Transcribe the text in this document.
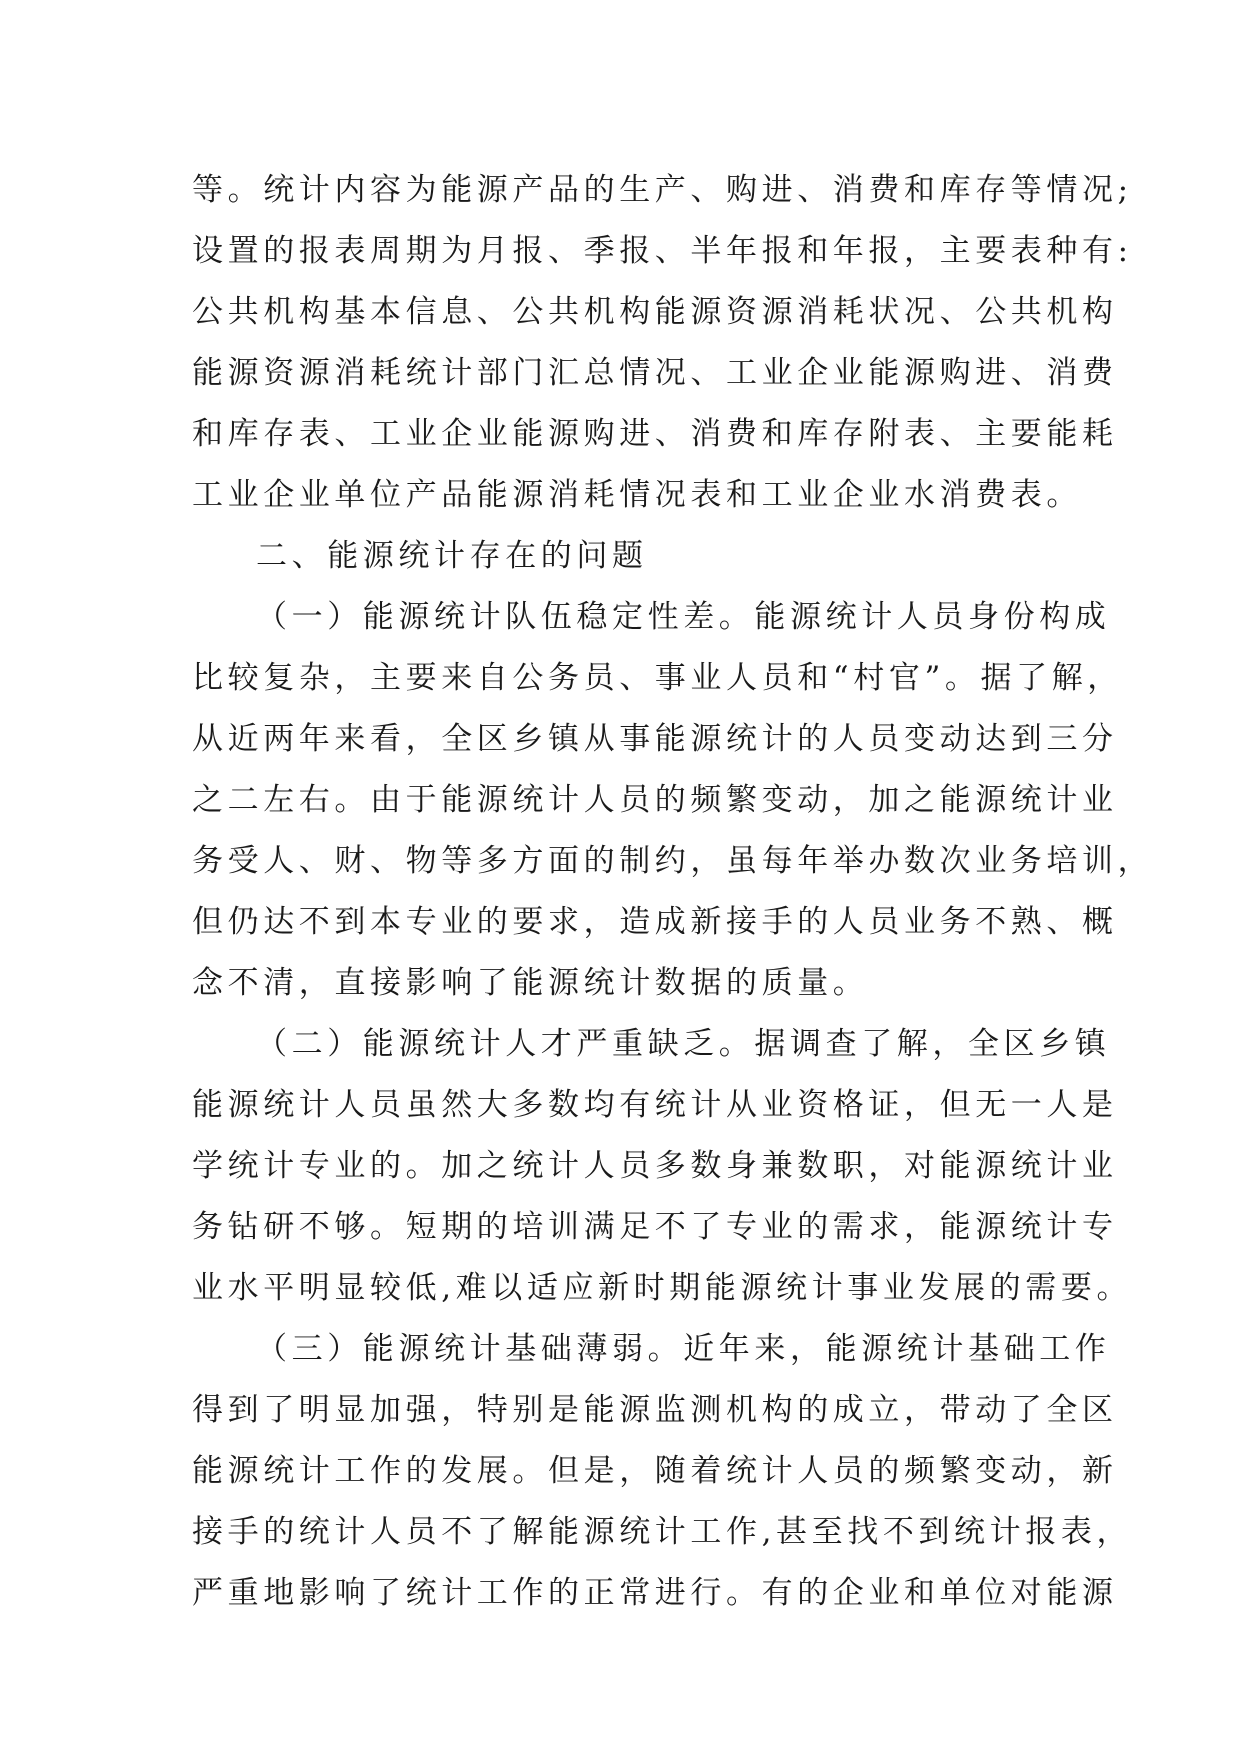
等。统计内容为能源产品的生产、购进、消费和库存等情况;
设置的报表周期为月报、季报、半年报和年报，主要表种有:
公共机构基本信息、公共机构能源资源消耗状况、公共机构
能源资源消耗统计部门汇总情况、工业企业能源购进、消费
和库存表、工业企业能源购进、消费和库存附表、主要能耗
工业企业单位产品能源消耗情况表和工业企业水消费表。
二、能源统计存在的问题
（一）能源统计队伍稳定性差。能源统计人员身份构成
比较复杂，主要来自公务员、事业人员和“村官”。据了解，
从近两年来看，全区乡镇从事能源统计的人员变动达到三分
之二左右。由于能源统计人员的频繁变动，加之能源统计业
务受人、财、物等多方面的制约，虽每年举办数次业务培训，
但仍达不到本专业的要求，造成新接手的人员业务不熟、概
念不清，直接影响了能源统计数据的质量。
（二）能源统计人才严重缺乏。据调查了解，全区乡镇
能源统计人员虽然大多数均有统计从业资格证，但无一人是
学统计专业的。加之统计人员多数身兼数职，对能源统计业
务钻研不够。短期的培训满足不了专业的需求，能源统计专
业水平明显较低,难以适应新时期能源统计事业发展的需要。
（三）能源统计基础薄弱。近年来，能源统计基础工作
得到了明显加强，特别是能源监测机构的成立，带动了全区
能源统计工作的发展。但是，随着统计人员的频繁变动，新
接手的统计人员不了解能源统计工作,甚至找不到统计报表，
严重地影响了统计工作的正常进行。有的企业和单位对能源
